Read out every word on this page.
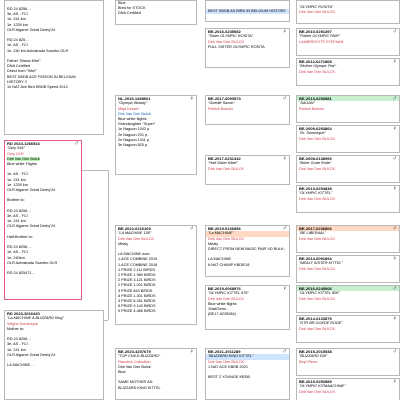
RD 24 8256…
3e. AS - FCI
1e. 241 km
1e. 1239 km
OLR Algarve Great Derby'24

RD 24 825…
1e. AS - FCI
1e. 240 km Autostrada Scarrbo OLR

Father "Blauw Kitel"
DNA Certified
Direct from "Kitel"
BEST KBDB ACE PIGEON IN BELGIUM
HISTORY !!
1e NAT Ace Bird KBDB Speed 2013
♂
RD 2024-1266544
"Only 544"
Only OLR
Dirk Van Den Bulck
Blue white Flights

1e. AS - FCI
1e. 241 km
1e. 1239 km
OLR Algarve Great Derby'24

Brother to:

RD 24 8256…
3e. AS - FCI
1e. 241 km
OLR Algarve Great Derby'24

Half-Brother to:

RD 24 8256…
1e. AS - FCI
1e. 240km
OLR Autostrada Scarrbo OLR

RD 24 825471…
RD 2023-3016420
"La MACHINE A BLIZZARD King"
Velghe Dominique
Mother to:

RD 24 8256…
3e. AS - FCI
1e. 241 km
OLR Algarve Great Derby'24

LA MACHINE…
Blue
Bred for STOCK
DNA Certified
♀
NL-2019-1498601
"Olympic Beauty"
Mitja Kessel
Dirk Van Den Bulck
Blue white flights
Grandaughter "Super"
1e Nagoon 1042 p.
2e Nagoon 201 p.
2e Nagoon 1411 p.
3e Nagoon 820 p.
♂
BE-2022-6216169
"LA MACHINE 158"
Dirk Van Den BULCK
Mealy

LA MACHINE won:
1.ACE COMBINE 2019
1.ACE COMBINE 2018
1 PRIZE 2,111 BIRDS
2 PRIZE 1.980 BIRDS
2 PRIZE 3.121 BIRDS
2 PRIZE 1.001 BIRDS
3 PRIZE 843 BIRDS
6 PRIZE 1.301 BIRDS
3 PRIZE 6.261 BIRDS
5 PRIZE 9.140 BIRDS
9 PRIZE 4.485 BIRDS
♀
BE-2023-4207679
"TOP CHILD BLIZZARD"
Flanders Collection
Dirk Van Den Bulck
Blue

SAME MOTHER AS:
BLIZZARD KING KITTEL
BEST KBDB AS BIRD IN BELGIUM HISTORY
♀
BE-2016-6235082
"Sister OLYMPIC ROSITA"
Dirk Van Den BULCK
FULL SISTER OLYMPIC ROSITA
♂
BE-2017-6093573
"Goedle Saxon"
Patrick Boeckx
♀
BE-2017-6231342
"Half Sister Kittel"
Dirk Van Den BULCK
♂
BE-2019-6166856
"La MACHINE"
Dirk Van Den BULCK
Mealy
DIRECT FROM NEW BASIC PAIR VD BULK:

LA MACHINE
6.NAT CHAMP KBDB'18
♀
BE-2019-6068976
"OLYMPIC KITTEL 976"
Dirk Van Den BULCK
Blue white flights
1Nat/Semi...
(BE17-6235084)
♂
BE-2021-2011289
"BLIZZARD KING KITTEL"
Dirk Van Den BULCK
1.NAT ACE KBDB 2021

BEST 2 YOUNGE KBDB
"OLYMPIC ROSITA"
Dirk Van Den BULCK
♂
BE-2010-6291397
"Father OLYMPIC PAIR"
LAMBRECHTS STEFAAN
♀
BE-2012-6271808
"Mother Olympic Pair"
Dirk Van Den BULCK
♂
BE-2013-6253981
"SAGAN"
Patrick Boeckx
♀
BE-2009-6253864
"Dr. Sommique"
Dirk Van Den BULCK
♂
BE-2008-6138993
"Brûer Gode Rode"
Dirk Van Den BULCK
♀
BE-2013-6254838
"OLYMPIC KITTEL"
Dirk Van Den BULCK
♂
BE-2017-6236806
"BE LIBERAAL"
Dirk Van Den BULCK
♀
BE-2014-6091894
"MEALY SISTER KITTEL"
Dirk Van Den BULCK
♂
BE-2016-6245006
"OLYMPIC KITTEL 806"
Dirk Van Den BULCK
♀
BE-2014-6133875
"DTR BR GOEDE RODE"
Dirk Van Den BULCK
♂
BE-2015-2015538
"BLIZZARD 538"
Beyl Pierre
♀
BE-2019-6253589
"OLYMPIC KITMAACHINE"
Dirk Van Den BULCK
